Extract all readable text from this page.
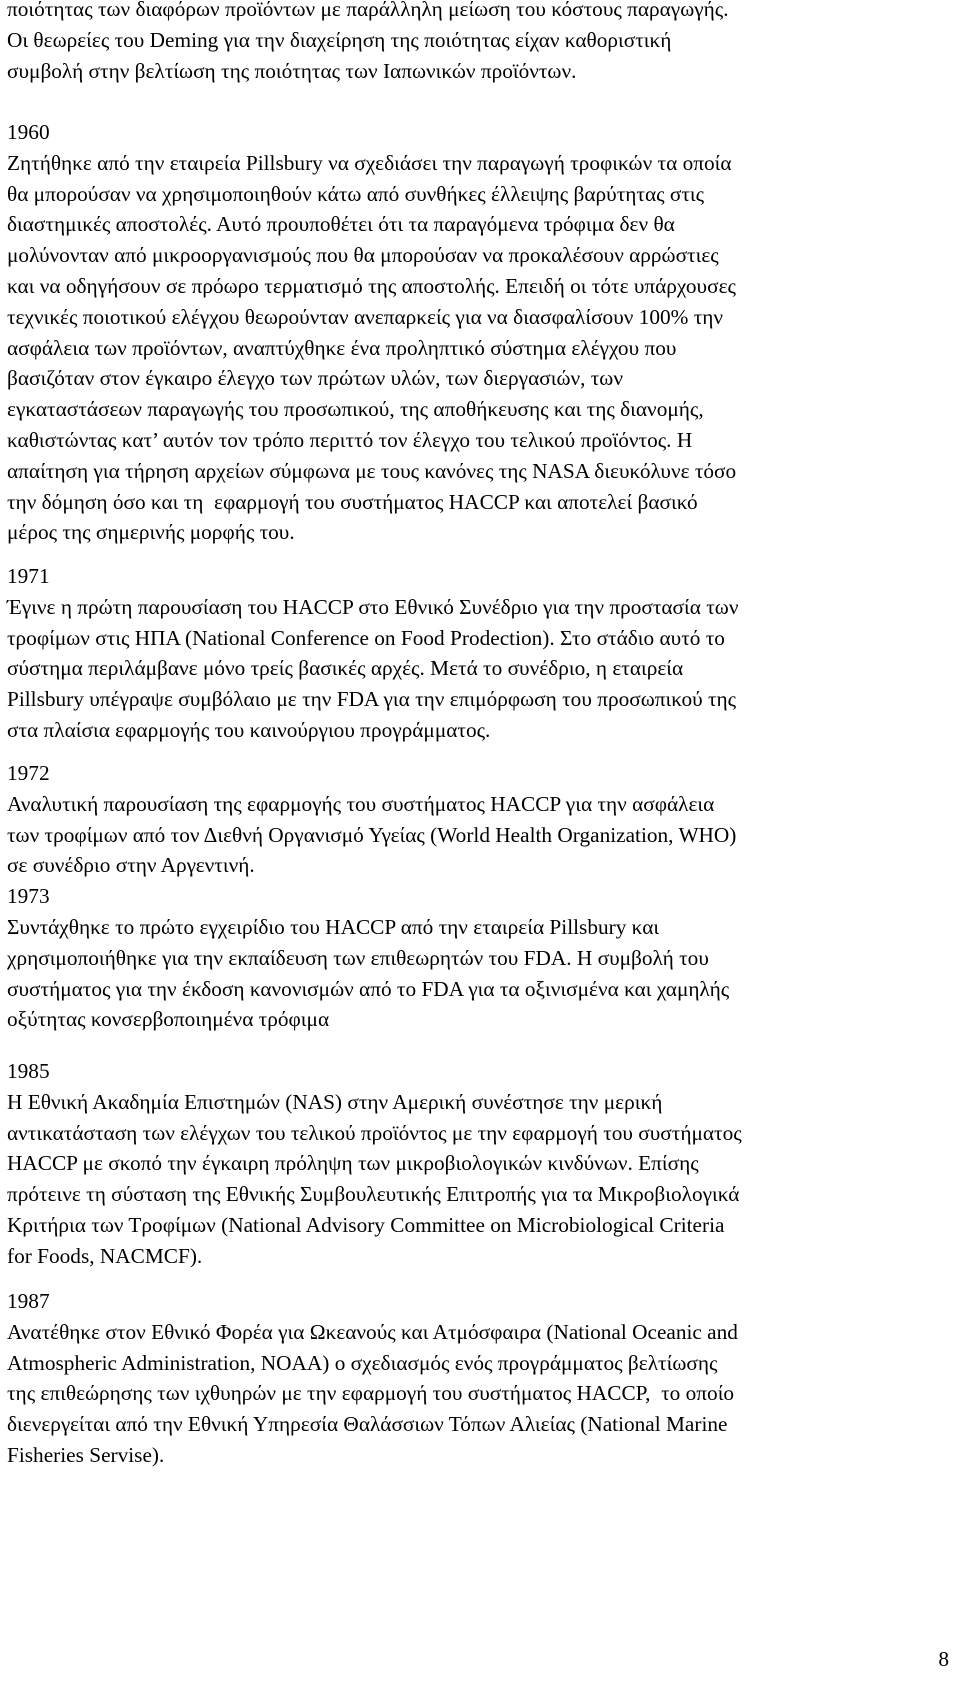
ποιότητας των διαφόρων προϊόντων με παράλληλη μείωση του κόστους παραγωγής.
Οι θεωρείες του Deming για την διαχείρηση της ποιότητας είχαν καθοριστική
συμβολή στην βελτίωση της ποιότητας των Ιαπωνικών προϊόντων.
1960
Ζητήθηκε από την εταιρεία Pillsbury να σχεδιάσει την παραγωγή τροφικών τα οποία
θα μπορούσαν να χρησιμοποιηθούν κάτω από συνθήκες έλλειψης βαρύτητας στις
διαστημικές αποστολές. Αυτό προυποθέτει ότι τα παραγόμενα τρόφιμα δεν θα
μολύνονταν από μικροοργανισμούς που θα μπορούσαν να προκαλέσουν αρρώστιες
και να οδηγήσουν σε πρόωρο τερματισμό της αποστολής. Επειδή οι τότε υπάρχουσες
τεχνικές ποιοτικού ελέγχου θεωρούνταν ανεπαρκείς για να διασφαλίσουν 100% την
ασφάλεια των προϊόντων, αναπτύχθηκε ένα προληπτικό σύστημα ελέγχου που
βασιζόταν στον έγκαιρο έλεγχο των πρώτων υλών, των διεργασιών, των
εγκαταστάσεων παραγωγής του προσωπικού, της αποθήκευσης και της διανομής,
καθιστώντας κατ’ αυτόν τον τρόπο περιττό τον έλεγχο του τελικού προϊόντος. Η
απαίτηση για τήρηση αρχείων σύμφωνα με τους κανόνες της NASA διευκόλυνε τόσο
την δόμηση όσο και τη  εφαρμογή του συστήματος HACCP και αποτελεί βασικό
μέρος της σημερινής μορφής του.
1971
Έγινε η πρώτη παρουσίαση του HACCP στο Εθνικό Συνέδριο για την προστασία των
τροφίμων στις ΗΠΑ (National Conference on Food Prodection). Στο στάδιο αυτό το
σύστημα περιλάμβανε μόνο τρείς βασικές αρχές. Μετά το συνέδριο, η εταιρεία
Pillsbury υπέγραψε συμβόλαιο με την FDA για την επιμόρφωση του προσωπικού της
στα πλαίσια εφαρμογής του καινούργιου προγράμματος.
1972
Αναλυτική παρουσίαση της εφαρμογής του συστήματος HACCP για την ασφάλεια
των τροφίμων από τον Διεθνή Οργανισμό Υγείας (World Health Organization, WHO)
σε συνέδριο στην Αργεντινή.
1973
Συντάχθηκε το πρώτο εγχειρίδιο του HACCP από την εταιρεία Pillsbury και
χρησιμοποιήθηκε για την εκπαίδευση των επιθεωρητών του FDA. Η συμβολή του
συστήματος για την έκδοση κανονισμών από το FDA για τα οξινισμένα και χαμηλής
οξύτητας κονσερβοποιημένα τρόφιμα
1985
Η Εθνική Ακαδημία Επιστημών (NAS) στην Αμερική συνέστησε την μερική
αντικατάσταση των ελέγχων του τελικού προϊόντος με την εφαρμογή του συστήματος
HACCP με σκοπό την έγκαιρη πρόληψη των μικροβιολογικών κινδύνων. Επίσης
πρότεινε τη σύσταση της Εθνικής Συμβουλευτικής Επιτροπής για τα Μικροβιολογικά
Κριτήρια των Τροφίμων (National Advisory Committee on Microbiological Criteria
for Foods, NACMCF).
1987
Ανατέθηκε στον Εθνικό Φορέα για Ωκεανούς και Ατμόσφαιρα (National Oceanic and
Atmospheric Administration, NOAA) ο σχεδιασμός ενός προγράμματος βελτίωσης
της επιθεώρησης των ιχθυηρών με την εφαρμογή του συστήματος HACCP,  το οποίο
διενεργείται από την Εθνική Υπηρεσία Θαλάσσιων Τόπων Αλιείας (National Marine
Fisheries Servise).
8
